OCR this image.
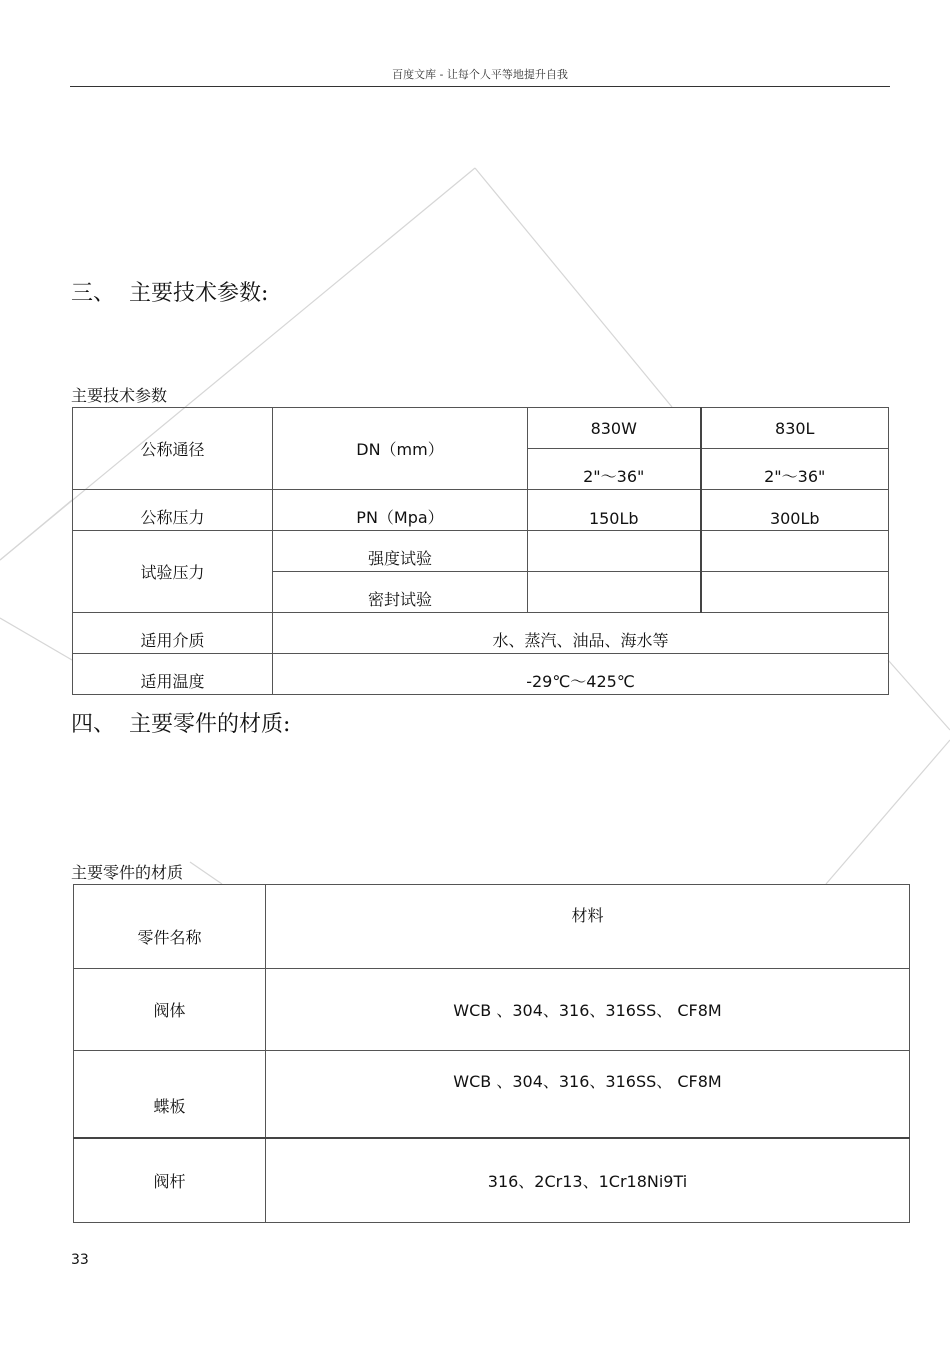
百度文库 - 让每个人平等地提升自我
三、 主要技术参数:
主要技术参数
公称通径	DN（mm）	830W	830L
		2"～36"	2"～36"
公称压力	PN（Mpa）	150Lb	300Lb
试验压力	强度试验		
	密封试验		
适用介质	水、蒸汽、油品、海水等		
适用温度	-29℃～425℃		
四、 主要零件的材质:
主要零件的材质
零件名称	材料
阀体	WCB 、304、316、316SS、 CF8M
蝶板	WCB 、304、316、316SS、 CF8M
阀杆	316、2Cr13、1Cr18Ni9Ti
33
